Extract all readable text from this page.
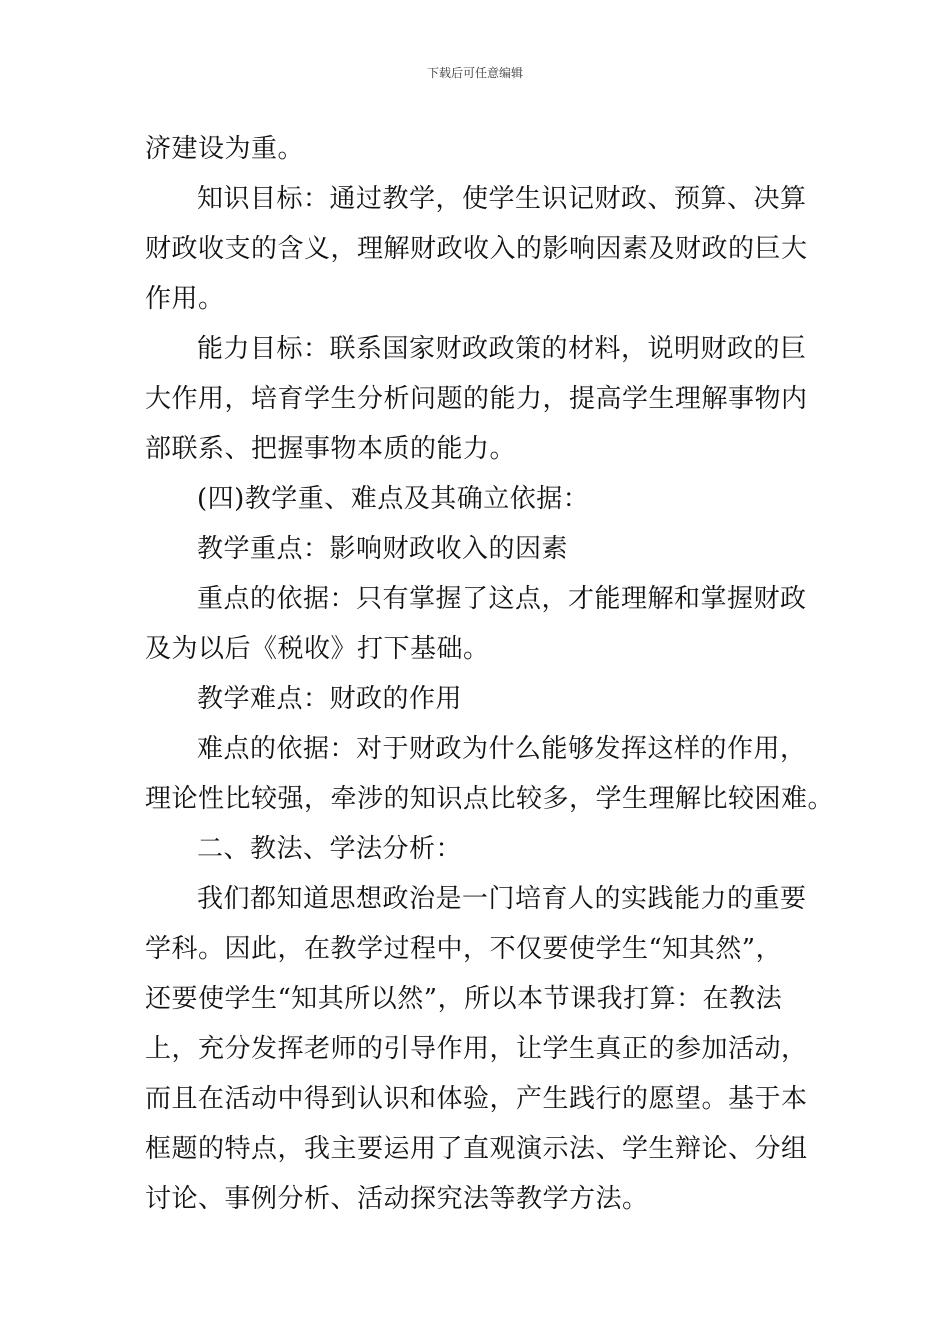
下载后可任意编辑
济建设为重。
知识目标：通过教学，使学生识记财政、预算、决算
财政收支的含义，理解财政收入的影响因素及财政的巨大
作用。
能力目标：联系国家财政政策的材料，说明财政的巨
大作用，培育学生分析问题的能力，提高学生理解事物内
部联系、把握事物本质的能力。
(四)教学重、难点及其确立依据：
教学重点：影响财政收入的因素
重点的依据：只有掌握了这点，才能理解和掌握财政
及为以后《税收》打下基础。
教学难点：财政的作用
难点的依据：对于财政为什么能够发挥这样的作用，
理论性比较强，牵涉的知识点比较多，学生理解比较困难。
二、教法、学法分析：
我们都知道思想政治是一门培育人的实践能力的重要
学科。因此，在教学过程中，不仅要使学生“知其然”，
还要使学生“知其所以然”，所以本节课我打算：在教法
上，充分发挥老师的引导作用，让学生真正的参加活动，
而且在活动中得到认识和体验，产生践行的愿望。基于本
框题的特点，我主要运用了直观演示法、学生辩论、分组
讨论、事例分析、活动探究法等教学方法。
